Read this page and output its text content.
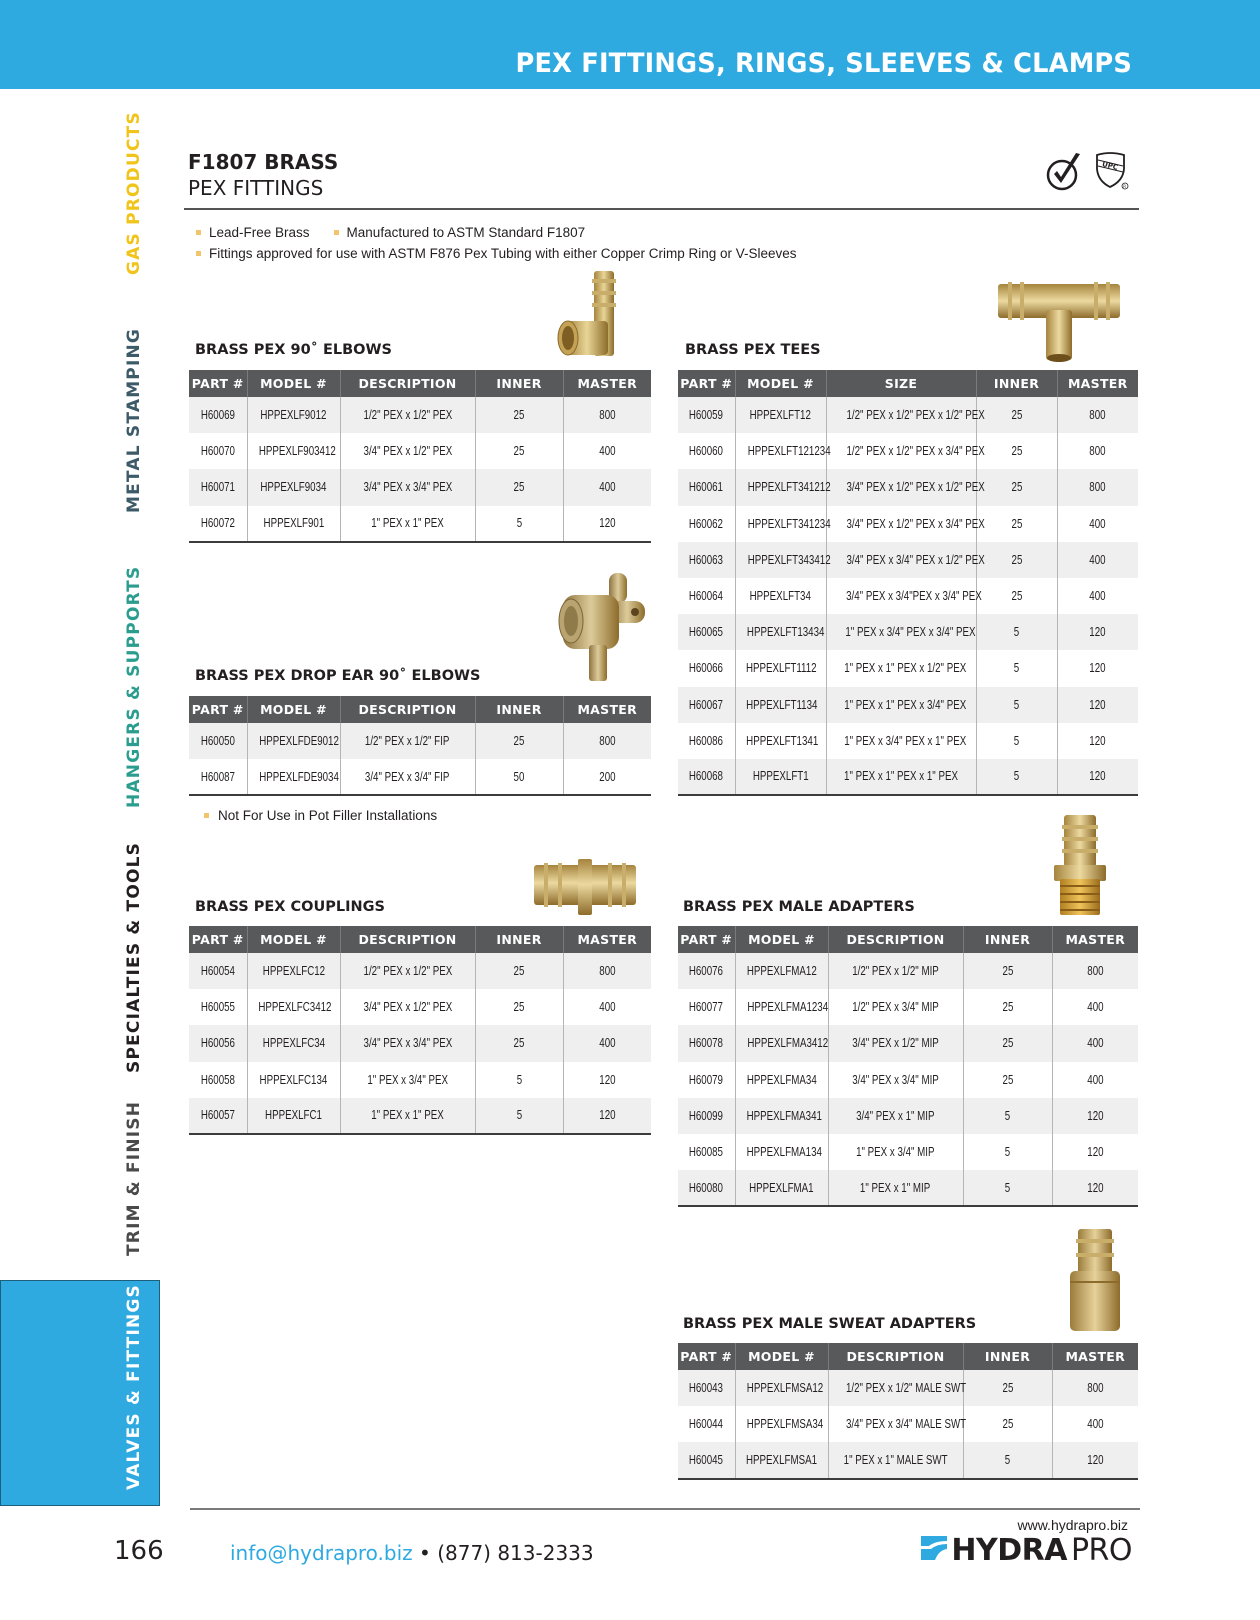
PEX FITTINGS, RINGS, SLEEVES & CLAMPS
GAS PRODUCTS
METAL STAMPING
HANGERS & SUPPORTS
SPECIALTIES & TOOLS
TRIM & FINISH
VALVES & FITTINGS
F1807 BRASS
PEX FITTINGS
UPC
R
Lead-Free Brass	Manufactured to ASTM Standard F1807
Fittings approved for use with ASTM F876 Pex Tubing with either Copper Crimp Ring or V-Sleeves
BRASS PEX 90˚ ELBOWS
PART #	MODEL #	DESCRIPTION	INNER	MASTER
H60069	HPPEXLF9012	1/2" PEX x 1/2" PEX	25	800
H60070	HPPEXLF903412	3/4" PEX x 1/2" PEX	25	400
H60071	HPPEXLF9034	3/4" PEX x 3/4" PEX	25	400
H60072	HPPEXLF901	1" PEX x 1" PEX	5	120
BRASS PEX TEES
PART #	MODEL #	SIZE	INNER	MASTER
H60059	HPPEXLFT12	1/2" PEX x 1/2" PEX x 1/2" PEX	25	800
H60060	HPPEXLFT121234	1/2" PEX x 1/2" PEX x 3/4" PEX	25	800
H60061	HPPEXLFT341212	3/4" PEX x 1/2" PEX x 1/2" PEX	25	800
H60062	HPPEXLFT341234	3/4" PEX x 1/2" PEX x 3/4" PEX	25	400
H60063	HPPEXLFT343412	3/4" PEX x 3/4" PEX x 1/2" PEX	25	400
H60064	HPPEXLFT34	3/4" PEX x 3/4"PEX x 3/4" PEX	25	400
H60065	HPPEXLFT13434	1" PEX x 3/4" PEX x 3/4" PEX	5	120
H60066	HPPEXLFT1112	1" PEX x 1" PEX x 1/2" PEX	5	120
H60067	HPPEXLFT1134	1" PEX x 1" PEX x 3/4" PEX	5	120
H60086	HPPEXLFT1341	1" PEX x 3/4" PEX x 1" PEX	5	120
H60068	HPPEXLFT1	1" PEX x 1" PEX x 1" PEX	5	120
BRASS PEX DROP EAR 90˚ ELBOWS
PART #	MODEL #	DESCRIPTION	INNER	MASTER
H60050	HPPEXLFDE9012	1/2" PEX x 1/2" FIP	25	800
H60087	HPPEXLFDE9034	3/4" PEX x 3/4" FIP	50	200
Not For Use in Pot Filler Installations
BRASS PEX COUPLINGS
PART #	MODEL #	DESCRIPTION	INNER	MASTER
H60054	HPPEXLFC12	1/2" PEX x 1/2" PEX	25	800
H60055	HPPEXLFC3412	3/4" PEX x 1/2" PEX	25	400
H60056	HPPEXLFC34	3/4" PEX x 3/4" PEX	25	400
H60058	HPPEXLFC134	1" PEX x 3/4" PEX	5	120
H60057	HPPEXLFC1	1" PEX x 1" PEX	5	120
BRASS PEX MALE ADAPTERS
PART #	MODEL #	DESCRIPTION	INNER	MASTER
H60076	HPPEXLFMA12	1/2" PEX x 1/2" MIP	25	800
H60077	HPPEXLFMA1234	1/2" PEX x 3/4" MIP	25	400
H60078	HPPEXLFMA3412	3/4" PEX x 1/2" MIP	25	400
H60079	HPPEXLFMA34	3/4" PEX x 3/4" MIP	25	400
H60099	HPPEXLFMA341	3/4" PEX x 1" MIP	5	120
H60085	HPPEXLFMA134	1" PEX x 3/4" MIP	5	120
H60080	HPPEXLFMA1	1" PEX x 1" MIP	5	120
BRASS PEX MALE SWEAT ADAPTERS
PART #	MODEL #	DESCRIPTION	INNER	MASTER
H60043	HPPEXLFMSA12	1/2" PEX x 1/2" MALE SWT	25	800
H60044	HPPEXLFMSA34	3/4" PEX x 3/4" MALE SWT	25	400
H60045	HPPEXLFMSA1	1" PEX x 1" MALE SWT	5	120
166	info@hydrapro.biz • (877) 813-2333
www.hydrapro.biz
HYDRA PRO
